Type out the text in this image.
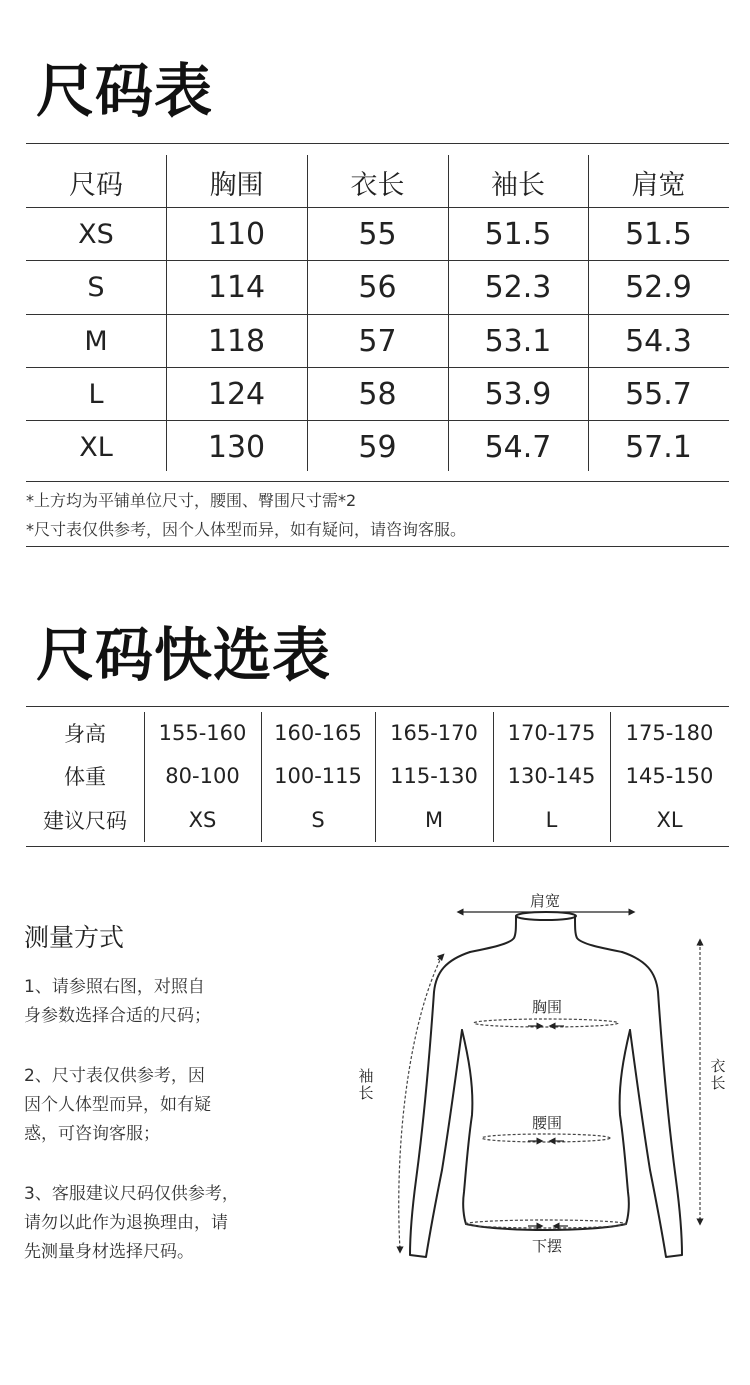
尺码表
尺码	胸围	衣长	袖长	肩宽
XS	110	55	51.5	51.5
S	114	56	52.3	52.9
M	118	57	53.1	54.3
L	124	58	53.9	55.7
XL	130	59	54.7	57.1
*上方均为平铺单位尺寸，腰围、臀围尺寸需*2
*尺寸表仅供参考，因个人体型而异，如有疑问，请咨询客服。
尺码快选表
身高	155-160	160-165	165-170	170-175	175-180
体重	80-100	100-115	115-130	130-145	145-150
建议尺码	XS	S	M	L	XL
测量方式
1、请参照右图，对照自
身参数选择合适的尺码；
2、尺寸表仅供参考，因
因个人体型而异，如有疑
惑，可咨询客服；
3、客服建议尺码仅供参考，
请勿以此作为退换理由，请
先测量身材选择尺码。
肩宽
胸围
腰围
下摆
袖长
衣长
